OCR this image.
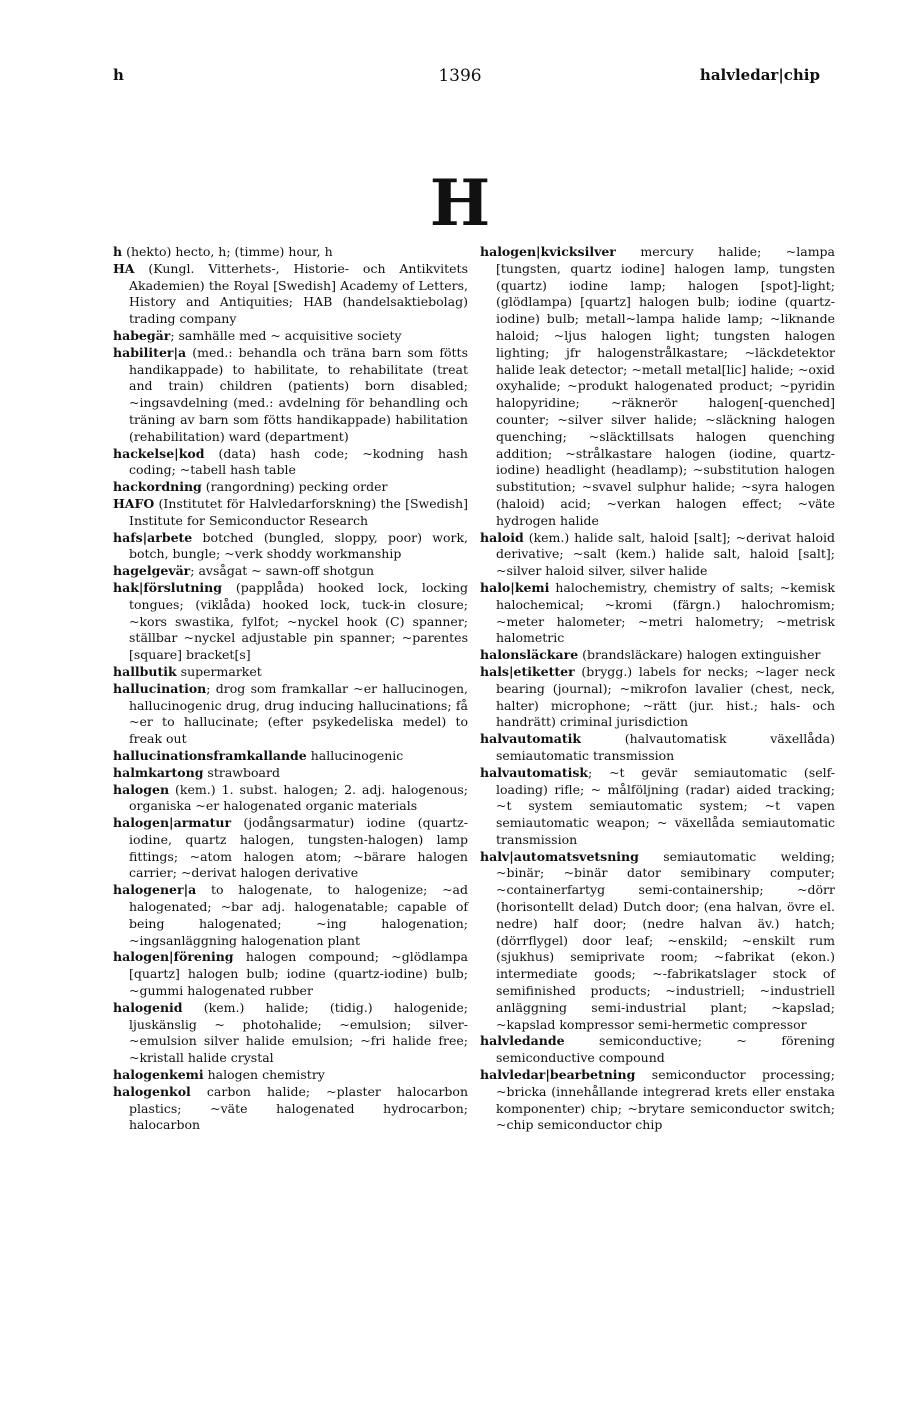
h	1396	halvledar|chip
H

h (hekto) hecto, h; (timme) hour, h

HA (Kungl. Vitterhets-, Historie- och Antikvitets Akademien) the Royal [Swedish] Academy of Letters, History and Antiquities; HAB (handelsaktiebolag) trading company

habegär; samhälle med ~ acquisitive society

habiliter|a (med.: behandla och träna barn som fötts handikappade) to habilitate, to rehabilitate (treat and train) children (patients) born disabled; ~ingsavdelning (med.: avdelning för behandling och träning av barn som fötts handikappade) habilitation (rehabilitation) ward (department)

hackelse|kod (data) hash code; ~kodning hash coding; ~tabell hash table

hackordning (rangordning) pecking order

HAFO (Institutet för Halvledarforskning) the [Swedish] Institute for Semiconductor Research

hafs|arbete botched (bungled, sloppy, poor) work, botch, bungle; ~verk shoddy workmanship

hagelgevär; avsågat ~ sawn-off shotgun

hak|förslutning (papplåda) hooked lock, locking tongues; (viklåda) hooked lock, tuck-in closure; ~kors swastika, fylfot; ~nyckel hook (C) spanner; ställbar ~nyckel adjustable pin spanner; ~parentes [square] bracket[s]

hallbutik supermarket

hallucination; drog som framkallar ~er hallucinogen, hallucinogenic drug, drug inducing hallucinations; få ~er to hallucinate; (efter psykedeliska medel) to freak out

hallucinationsframkallande hallucinogenic

halmkartong strawboard

halogen (kem.) 1. subst. halogen; 2. adj. halogenous; organiska ~er halogenated organic materials

halogen|armatur (jodångsarmatur) iodine (quartz-iodine, quartz halogen, tungsten-halogen) lamp fittings; ~atom halogen atom; ~bärare halogen carrier; ~derivat halogen derivative

halogener|a to halogenate, to halogenize; ~ad halogenated; ~bar adj. halogenatable; capable of being halogenated; ~ing halogenation; ~ingsanläggning halogenation plant

halogen|förening halogen compound; ~glödlampa [quartz] halogen bulb; iodine (quartz-iodine) bulb; ~gummi halogenated rubber

halogenid (kem.) halide; (tidig.) halogenide; ljuskänslig ~ photohalide; ~emulsion; silver-~emulsion silver halide emulsion; ~fri halide free; ~kristall halide crystal

halogenkemi halogen chemistry

halogenkol carbon halide; ~plaster halocarbon plastics; ~väte halogenated hydrocarbon; halocarbon

halogen|kvicksilver mercury halide; ~lampa [tungsten, quartz iodine] halogen lamp, tungsten (quartz) iodine lamp; halogen [spot]-light; (glödlampa) [quartz] halogen bulb; iodine (quartz-iodine) bulb; metall~lampa halide lamp; ~liknande haloid; ~ljus halogen light; tungsten halogen lighting; jfr halogenstrålkastare; ~läckdetektor halide leak detector; ~metall metal[lic] halide; ~oxid oxyhalide; ~produkt halogenated product; ~pyridin halopyridine; ~räknerör halogen[-quenched] counter; ~silver silver halide; ~släckning halogen quenching; ~släcktillsats halogen quenching addition; ~strålkastare halogen (iodine, quartz-iodine) headlight (headlamp); ~substitution halogen substitution; ~svavel sulphur halide; ~syra halogen (haloid) acid; ~verkan halogen effect; ~väte hydrogen halide

haloid (kem.) halide salt, haloid [salt]; ~derivat haloid derivative; ~salt (kem.) halide salt, haloid [salt]; ~silver haloid silver, silver halide

halo|kemi halochemistry, chemistry of salts; ~kemisk halochemical; ~kromi (färgn.) halochromism; ~meter halometer; ~metri halometry; ~metrisk halometric

halonsläckare (brandsläckare) halogen extinguisher

hals|etiketter (brygg.) labels for necks; ~lager neck bearing (journal); ~mikrofon lavalier (chest, neck, halter) microphone; ~rätt (jur. hist.; hals- och handrätt) criminal jurisdiction

halvautomatik (halvautomatisk växellåda) semiautomatic transmission

halvautomatisk; ~t gevär semiautomatic (self-loading) rifle; ~ målföljning (radar) aided tracking; ~t system semiautomatic system; ~t vapen semiautomatic weapon; ~ växellåda semiautomatic transmission

halv|automatsvetsning semiautomatic welding; ~binär; ~binär dator semibinary computer; ~containerfartyg semi-containership; ~dörr (horisontellt delad) Dutch door; (ena halvan, övre el. nedre) half door; (nedre halvan äv.) hatch; (dörrflygel) door leaf; ~enskild; ~enskilt rum (sjukhus) semiprivate room; ~fabrikat (ekon.) intermediate goods; ~-fabrikatslager stock of semifinished products; ~industriell; ~industriell anläggning semi-industrial plant; ~kapslad; ~kapslad kompressor semi-hermetic compressor

halvledande semiconductive; ~ förening semiconductive compound

halvledar|bearbetning semiconductor processing; ~bricka (innehållande integrerad krets eller enstaka komponenter) chip; ~brytare semiconductor switch; ~chip semiconductor chip
